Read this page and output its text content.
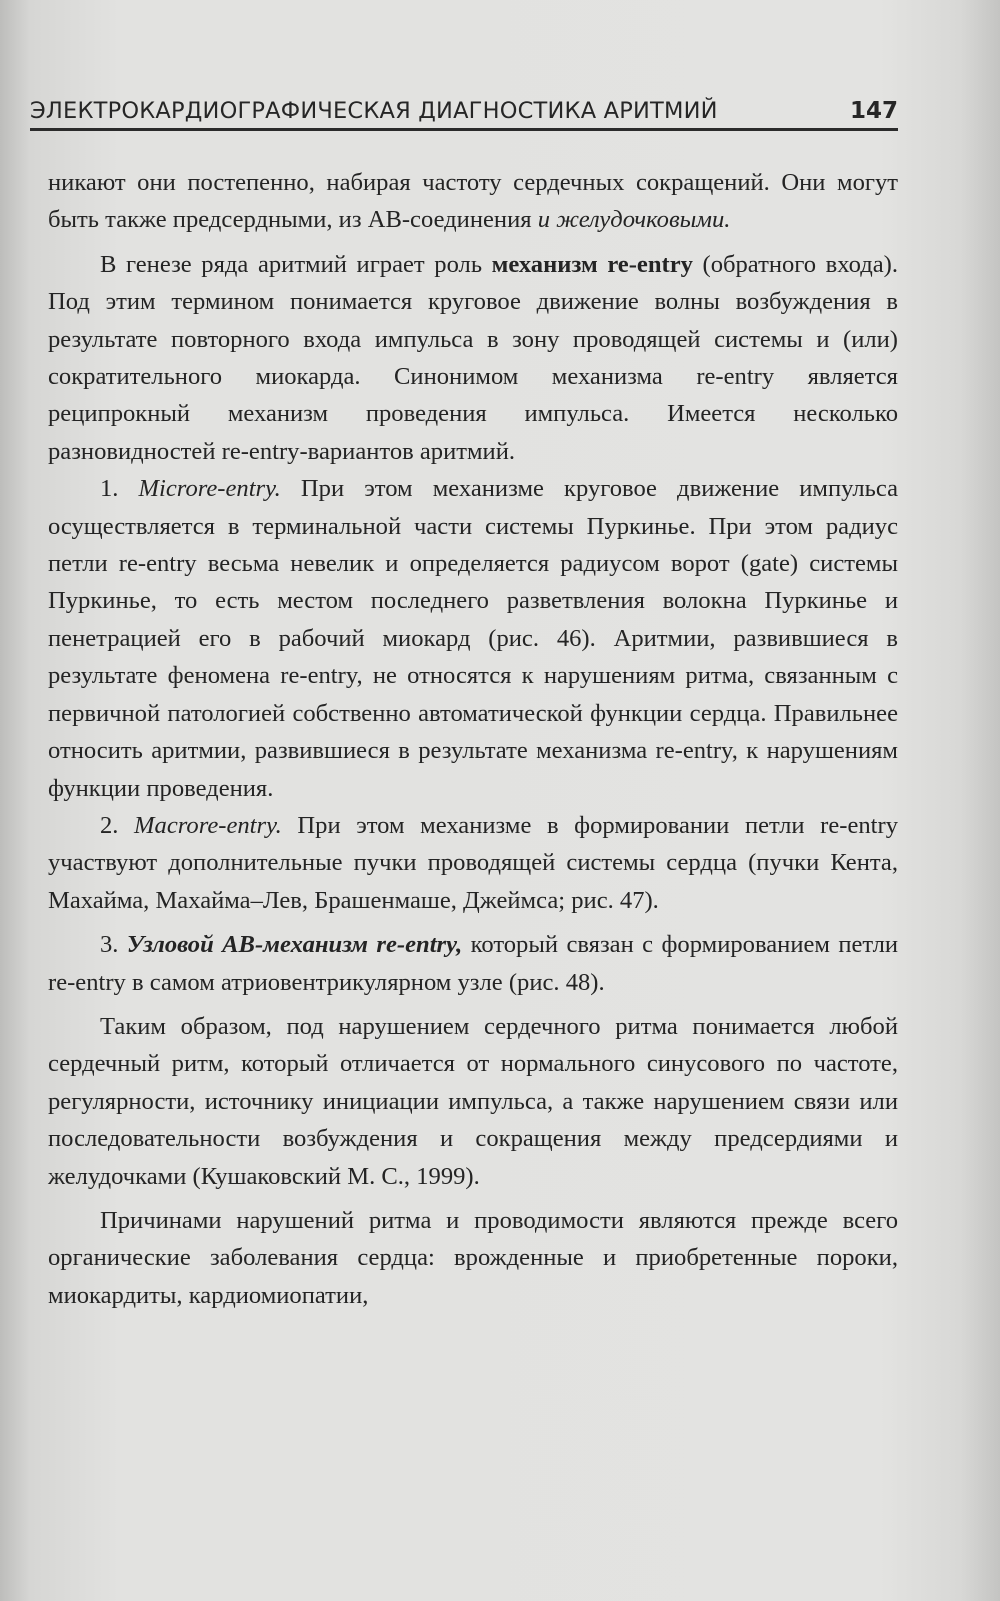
ЭЛЕКТРОКАРДИОГРАФИЧЕСКАЯ ДИАГНОСТИКА АРИТМИЙ	147

никают они постепенно, набирая частоту сердечных сокращений. Они могут быть также предсердными, из АВ-соединения и желудочковыми.

В генезе ряда аритмий играет роль механизм re-entry (обратного входа). Под этим термином понимается круговое движение волны возбуждения в результате повторного входа импульса в зону проводящей системы и (или) сократительного миокарда. Синонимом механизма re-entry является реципрокный механизм проведения импульса. Имеется несколько разновидностей re-entry-вариантов аритмий.

1. Microre-entry. При этом механизме круговое движение импульса осуществляется в терминальной части системы Пуркинье. При этом радиус петли re-entry весьма невелик и определяется радиусом ворот (gate) системы Пуркинье, то есть местом последнего разветвления волокна Пуркинье и пенетрацией его в рабочий миокард (рис. 46). Аритмии, развившиеся в результате феномена re-entry, не относятся к нарушениям ритма, связанным с первичной патологией собственно автоматической функции сердца. Правильнее относить аритмии, развившиеся в результате механизма re-entry, к нарушениям функции проведения.

2. Macrore-entry. При этом механизме в формировании петли re-entry участвуют дополнительные пучки проводящей системы сердца (пучки Кента, Махайма, Махайма–Лев, Брашенмаше, Джеймса; рис. 47).

3. Узловой АВ-механизм re-entry, который связан с формированием петли re-entry в самом атриовентрикулярном узле (рис. 48).

Таким образом, под нарушением сердечного ритма понимается любой сердечный ритм, который отличается от нормального синусового по частоте, регулярности, источнику инициации импульса, а также нарушением связи или последовательности возбуждения и сокращения между предсердиями и желудочками (Кушаковский М. С., 1999).

Причинами нарушений ритма и проводимости являются прежде всего органические заболевания сердца: врожденные и приобретенные пороки, миокардиты, кардиомиопатии,
